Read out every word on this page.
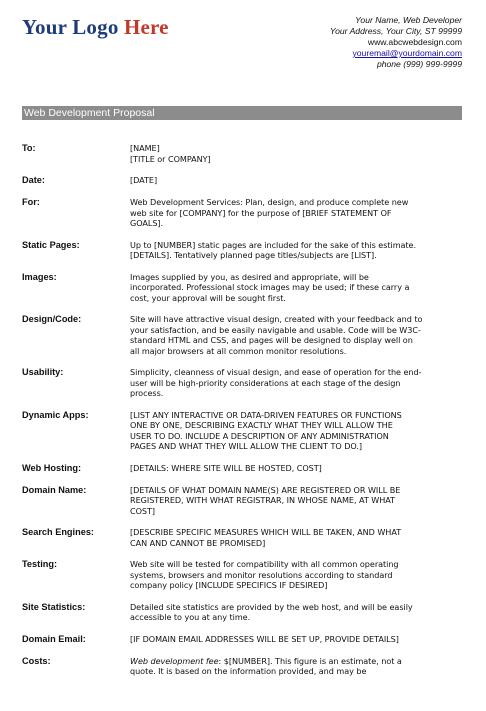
Your Logo Here	Your Name, Web Developer
Your Address, Your City, ST 99999
www.abcwebdesign.com
youremail@yourdomain.com
phone (999) 999-9999
Web Development Proposal
To:	[NAME]
[TITLE or COMPANY]
Date:	[DATE]
For:	Web Development Services: Plan, design, and produce complete new
web site for [COMPANY] for the purpose of [BRIEF STATEMENT OF
GOALS].
Static Pages:	Up to [NUMBER] static pages are included for the sake of this estimate.
[DETAILS]. Tentatively planned page titles/subjects are [LIST].
Images:	Images supplied by you, as desired and appropriate, will be
incorporated. Professional stock images may be used; if these carry a
cost, your approval will be sought first.
Design/Code:	Site will have attractive visual design, created with your feedback and to
your satisfaction, and be easily navigable and usable. Code will be W3C-
standard HTML and CSS, and pages will be designed to display well on
all major browsers at all common monitor resolutions.
Usability:	Simplicity, cleanness of visual design, and ease of operation for the end-
user will be high-priority considerations at each stage of the design
process.
Dynamic Apps:	[LIST ANY INTERACTIVE OR DATA-DRIVEN FEATURES OR FUNCTIONS
ONE BY ONE, DESCRIBING EXACTLY WHAT THEY WILL ALLOW THE
USER TO DO. INCLUDE A DESCRIPTION OF ANY ADMINISTRATION
PAGES AND WHAT THEY WILL ALLOW THE CLIENT TO DO.]
Web Hosting:	[DETAILS: WHERE SITE WILL BE HOSTED, COST]
Domain Name:	[DETAILS OF WHAT DOMAIN NAME(S) ARE REGISTERED OR WILL BE
REGISTERED, WITH WHAT REGISTRAR, IN WHOSE NAME, AT WHAT
COST]
Search Engines:	[DESCRIBE SPECIFIC MEASURES WHICH WILL BE TAKEN, AND WHAT
CAN AND CANNOT BE PROMISED]
Testing:	Web site will be tested for compatibility with all common operating
systems, browsers and monitor resolutions according to standard
company policy [INCLUDE SPECIFICS IF DESIRED]
Site Statistics:	Detailed site statistics are provided by the web host, and will be easily
accessible to you at any time.
Domain Email:	[IF DOMAIN EMAIL ADDRESSES WILL BE SET UP, PROVIDE DETAILS]
Costs:	Web development fee: $[NUMBER]. This figure is an estimate, not a
quote. It is based on the information provided, and may be
